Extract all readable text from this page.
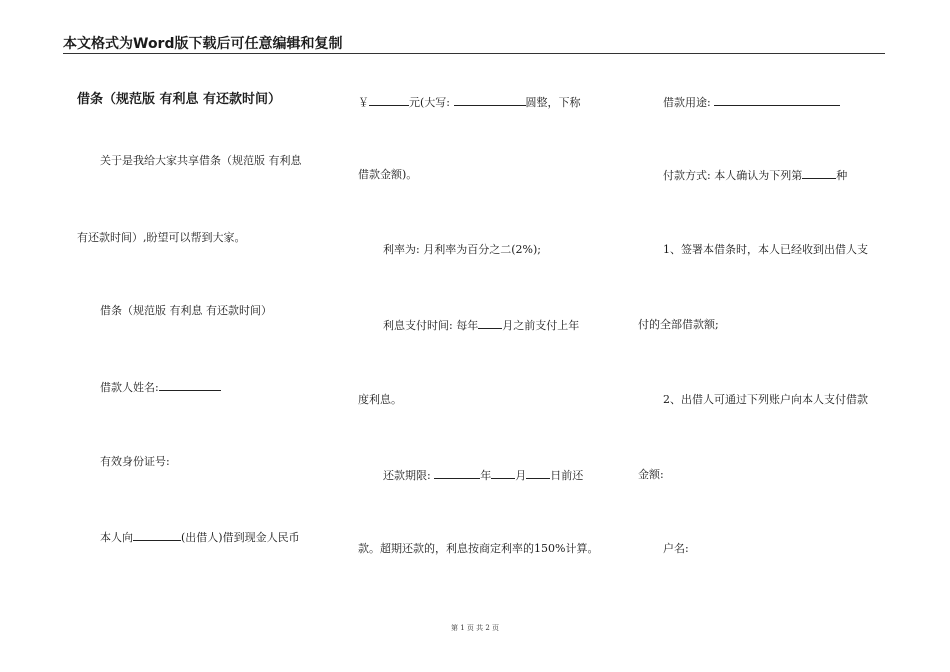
本文格式为Word版下载后可任意编辑和复制
借条（规范版 有利息 有还款时间）
关于是我给大家共享借条（规范版 有利息
有还款时间）,盼望可以帮到大家。
借条（规范版 有利息 有还款时间）
借款人姓名:
有效身份证号:
本人向	(出借人)借到现金人民币
￥	元(大写:	圆整，下称
借款金额)。
利率为: 月利率为百分之二(2%);
利息支付时间: 每年 月之前支付上年
度利息。
还款期限:	年 月 日前还
款。超期还款的，利息按商定利率的150%计算。
借款用途:
付款方式: 本人确认为下列第	种
1、签署本借条时，本人已经收到出借人支
付的全部借款额;
2、出借人可通过下列账户向本人支付借款
金额:
户名:
第 1 页 共 2 页
